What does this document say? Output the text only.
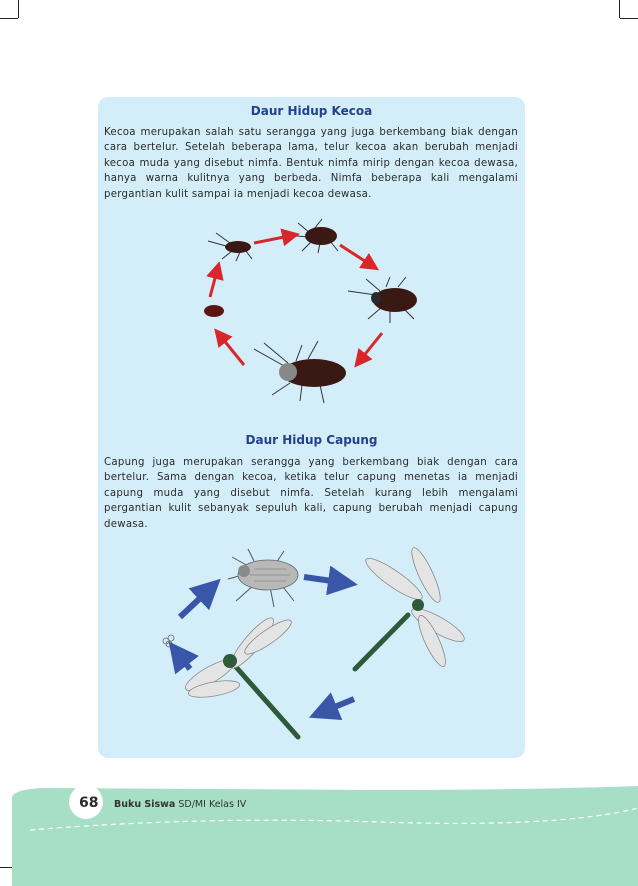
Daur Hidup Kecoa

Kecoa merupakan salah satu serangga yang juga berkembang biak dengan cara bertelur. Setelah beberapa lama, telur kecoa akan berubah menjadi kecoa muda yang disebut nimfa. Bentuk nimfa mirip dengan kecoa dewasa, hanya warna kulitnya yang berbeda. Nimfa beberapa kali mengalami pergantian kulit sampai ia menjadi kecoa dewasa.

Daur Hidup Capung

Capung juga merupakan serangga yang berkembang biak dengan cara bertelur. Sama dengan kecoa, ketika telur capung menetas ia menjadi capung muda yang disebut nimfa. Setelah kurang lebih mengalami pergantian kulit sebanyak sepuluh kali, capung berubah menjadi capung dewasa.

68 Buku Siswa SD/MI Kelas IV
